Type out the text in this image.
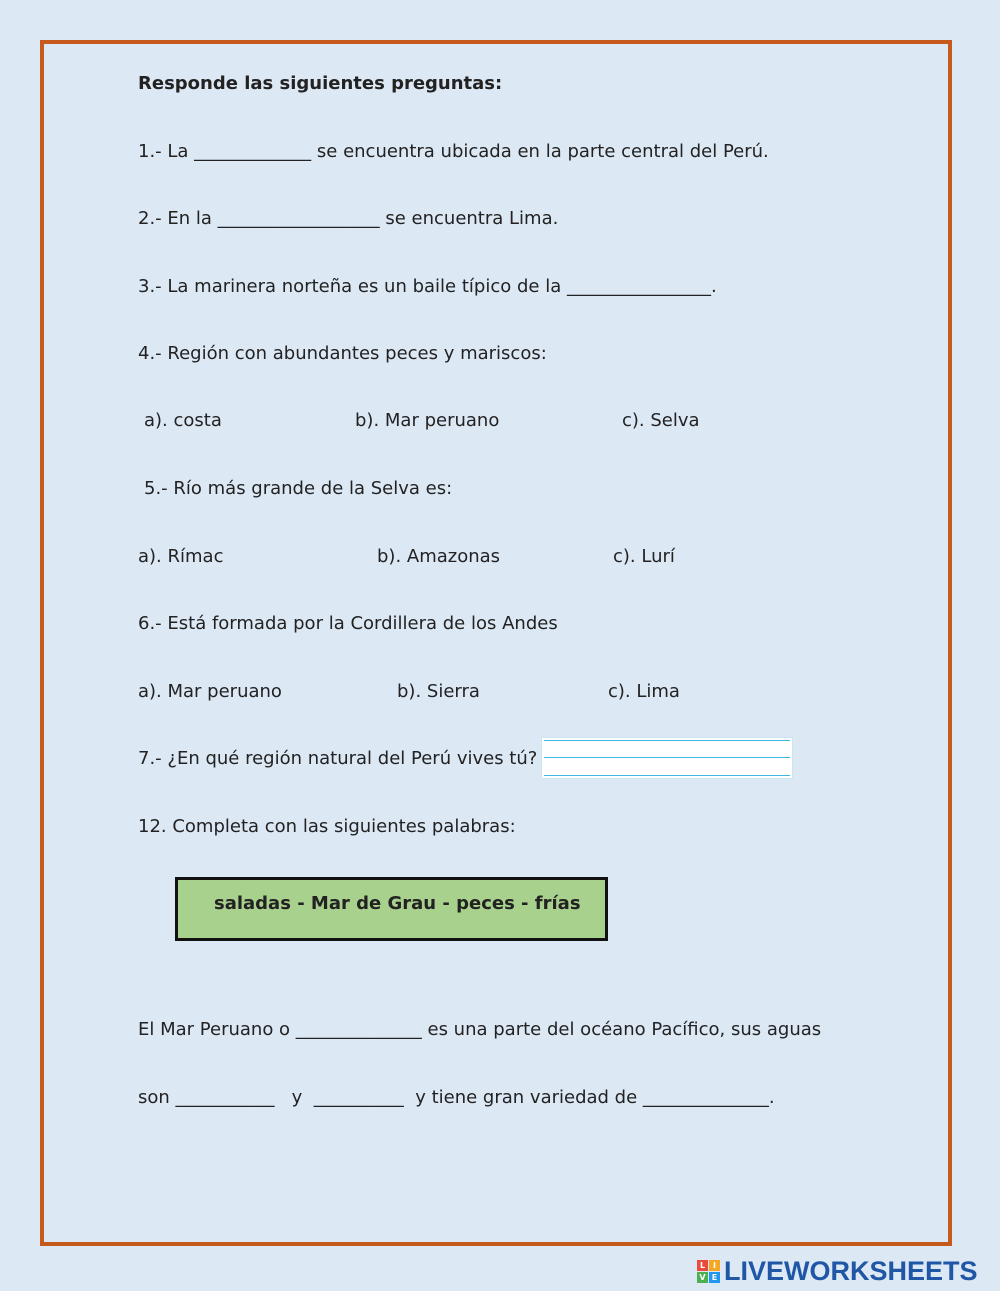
Responde las siguientes preguntas:
1.- La _____________ se encuentra ubicada en la parte central del Perú.
2.- En la __________________ se encuentra Lima.
3.- La marinera norteña es un baile típico de la ________________.
4.- Región con abundantes peces y mariscos:
a). costa	b). Mar peruano	c). Selva
5.- Río más grande de la Selva es:
a). Rímac	b). Amazonas	c). Lurí
6.- Está formada por la Cordillera de los Andes
a). Mar peruano	b). Sierra	c). Lima
7.- ¿En qué región natural del Perú vives tú?
12. Completa con las siguientes palabras:
saladas - Mar de Grau - peces - frías
El Mar Peruano o ______________ es una parte del océano Pacífico, sus aguas
son ___________   y  __________  y tiene gran variedad de ______________.
L I
V E LIVEWORKSHEETS
